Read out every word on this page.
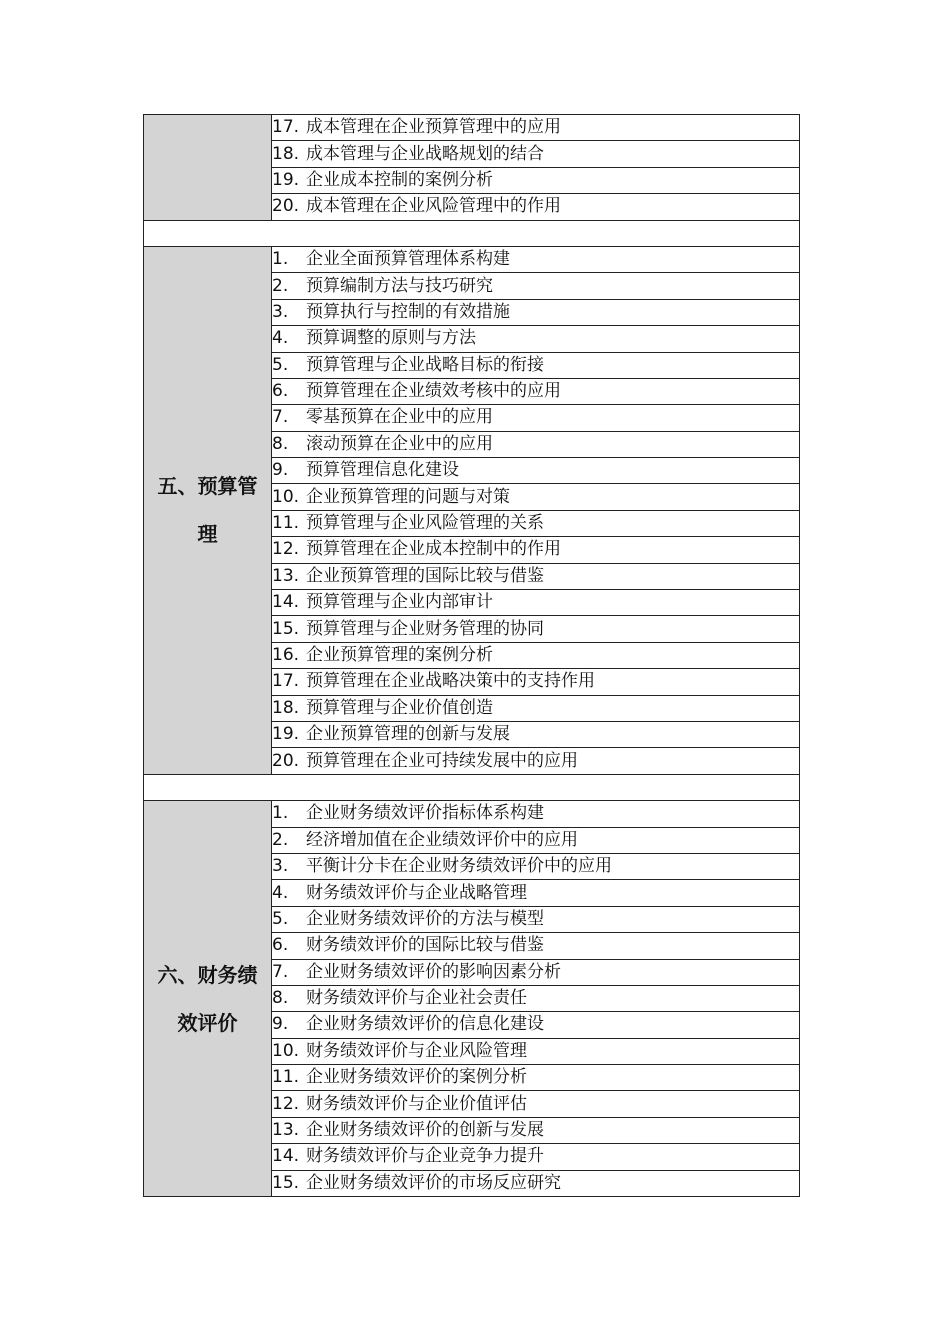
	17. 成本管理在企业预算管理中的应用
	18. 成本管理与企业战略规划的结合
	19. 企业成本控制的案例分析
	20. 成本管理在企业风险管理中的作用

五、预算管理	1. 企业全面预算管理体系构建
	2. 预算编制方法与技巧研究
	3. 预算执行与控制的有效措施
	4. 预算调整的原则与方法
	5. 预算管理与企业战略目标的衔接
	6. 预算管理在企业绩效考核中的应用
	7. 零基预算在企业中的应用
	8. 滚动预算在企业中的应用
	9. 预算管理信息化建设
	10. 企业预算管理的问题与对策
	11. 预算管理与企业风险管理的关系
	12. 预算管理在企业成本控制中的作用
	13. 企业预算管理的国际比较与借鉴
	14. 预算管理与企业内部审计
	15. 预算管理与企业财务管理的协同
	16. 企业预算管理的案例分析
	17. 预算管理在企业战略决策中的支持作用
	18. 预算管理与企业价值创造
	19. 企业预算管理的创新与发展
	20. 预算管理在企业可持续发展中的应用

六、财务绩效评价	1. 企业财务绩效评价指标体系构建
	2. 经济增加值在企业绩效评价中的应用
	3. 平衡计分卡在企业财务绩效评价中的应用
	4. 财务绩效评价与企业战略管理
	5. 企业财务绩效评价的方法与模型
	6. 财务绩效评价的国际比较与借鉴
	7. 企业财务绩效评价的影响因素分析
	8. 财务绩效评价与企业社会责任
	9. 企业财务绩效评价的信息化建设
	10. 财务绩效评价与企业风险管理
	11. 企业财务绩效评价的案例分析
	12. 财务绩效评价与企业价值评估
	13. 企业财务绩效评价的创新与发展
	14. 财务绩效评价与企业竞争力提升
	15. 企业财务绩效评价的市场反应研究
